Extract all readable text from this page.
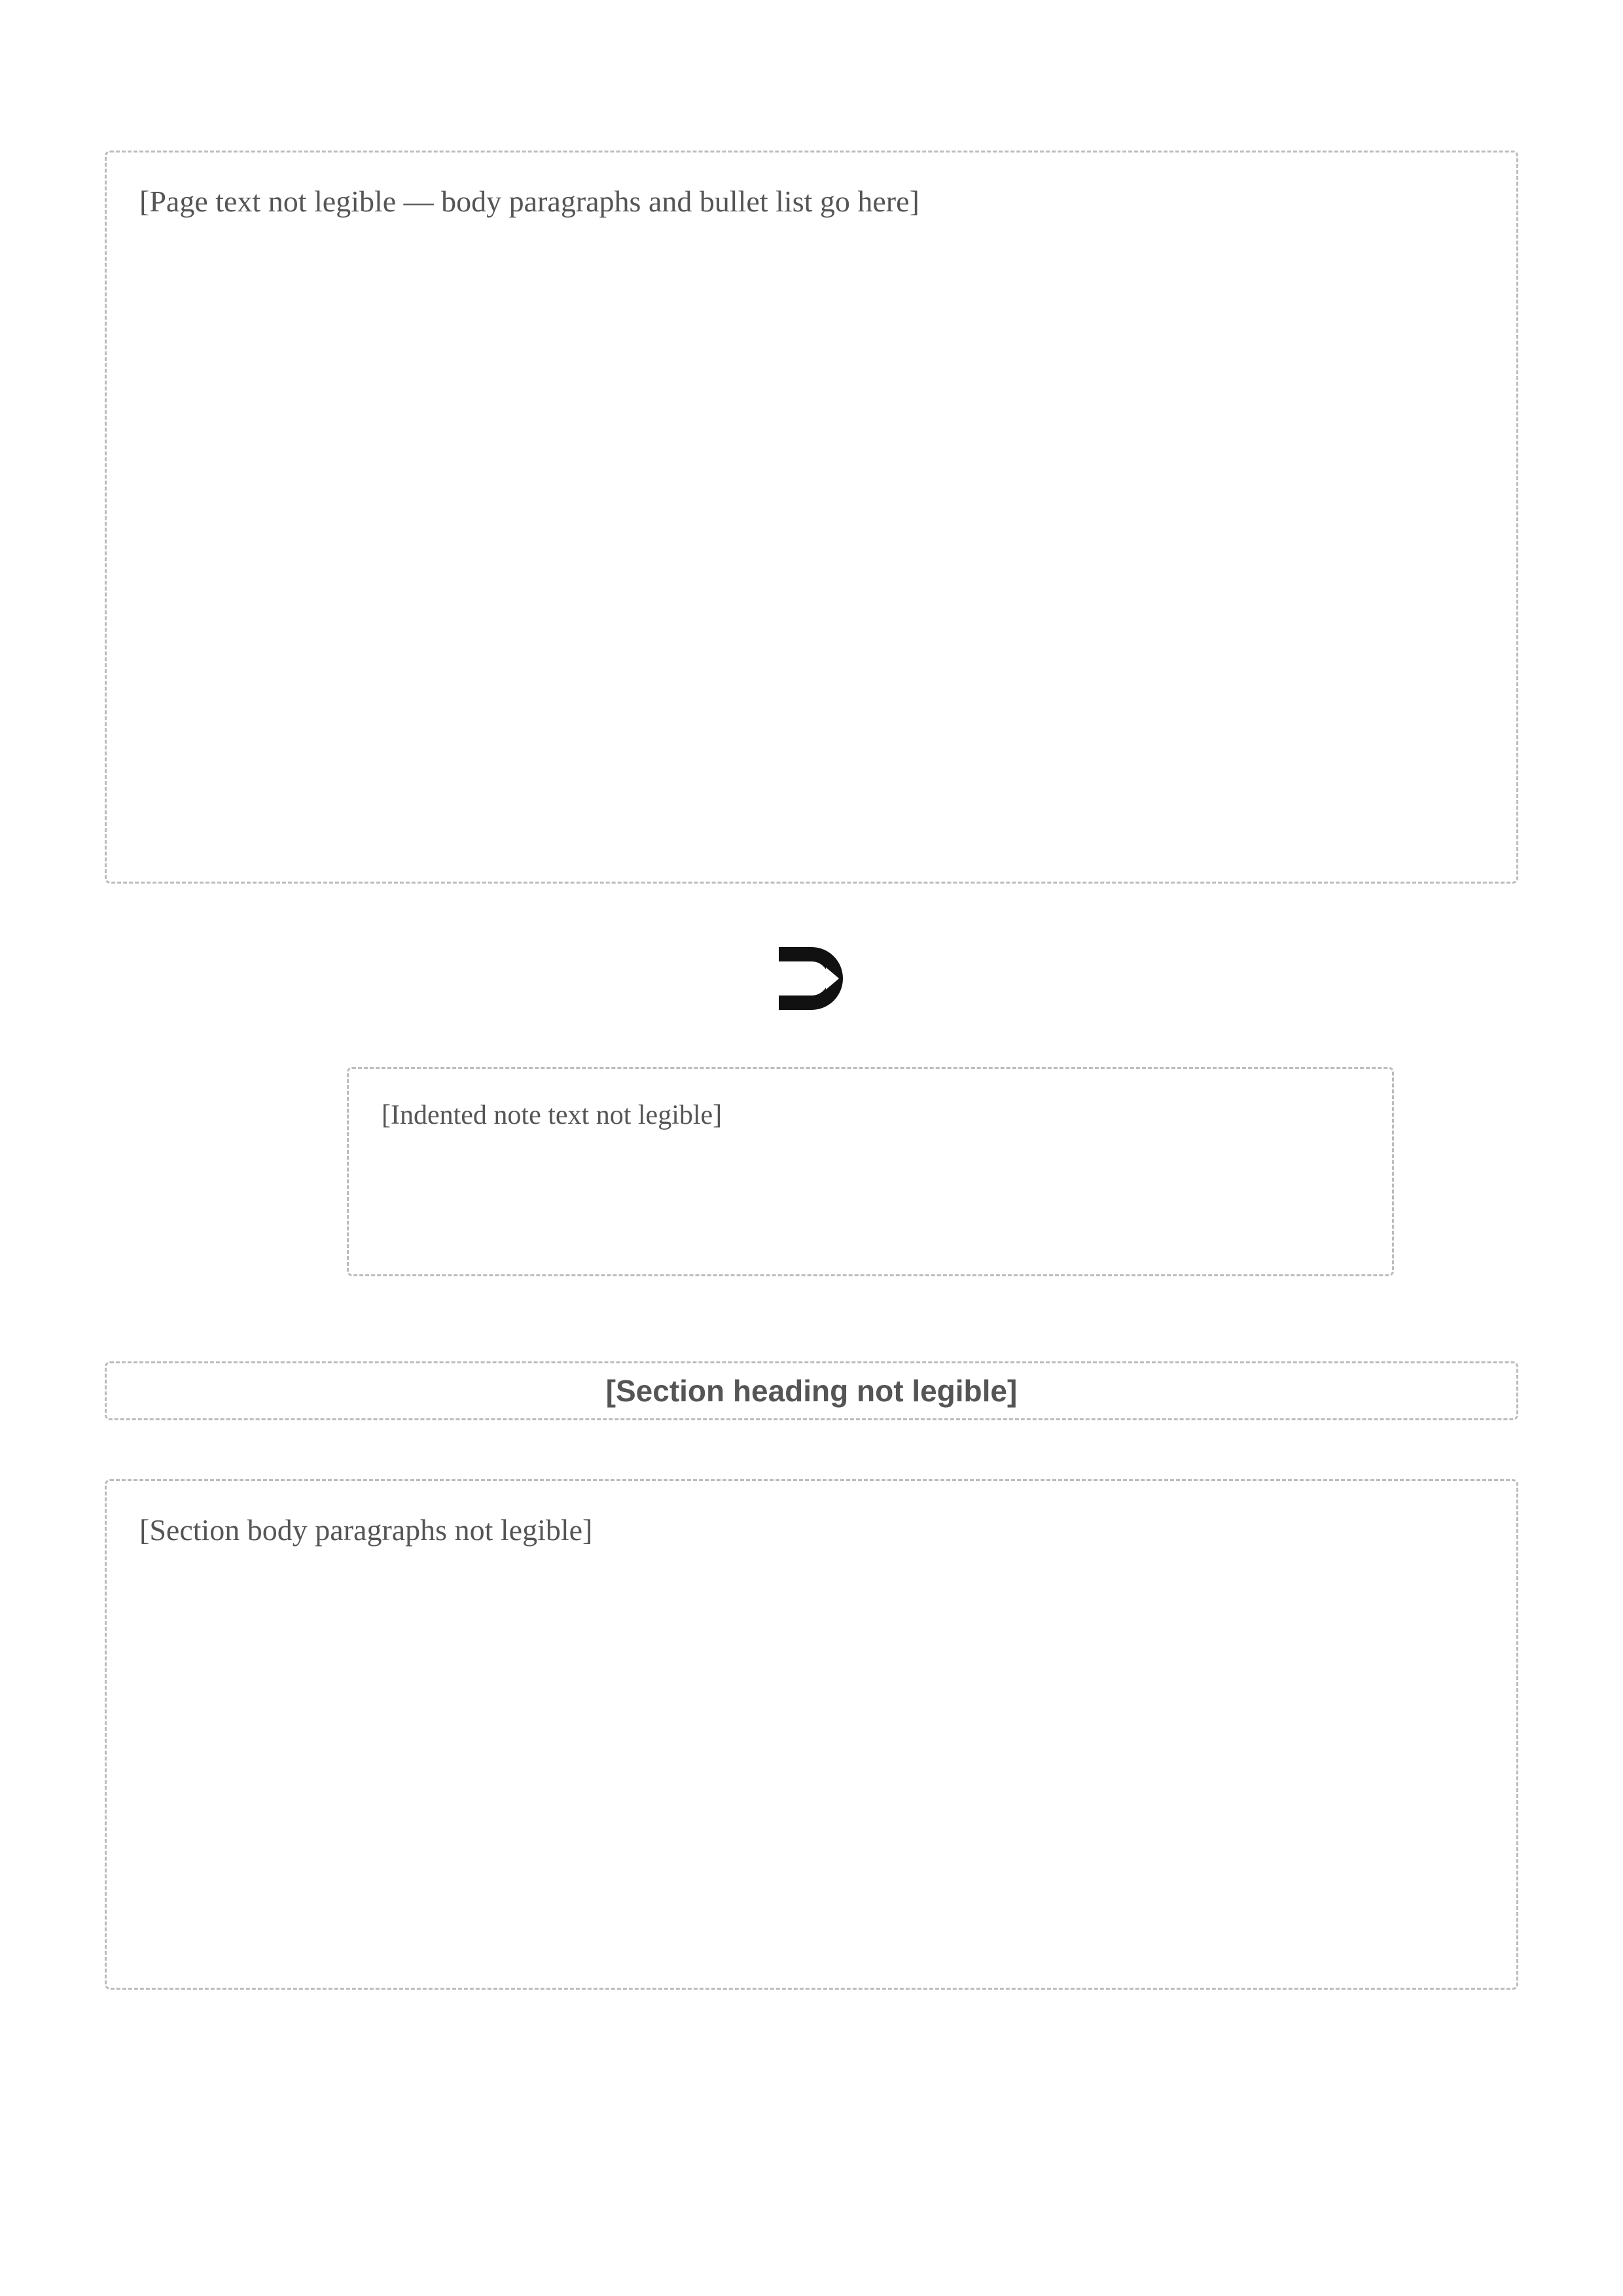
[Page text not legible — body paragraphs and bullet list go here]
[Indented note text not legible]
[Section heading not legible]
[Section body paragraphs not legible]
